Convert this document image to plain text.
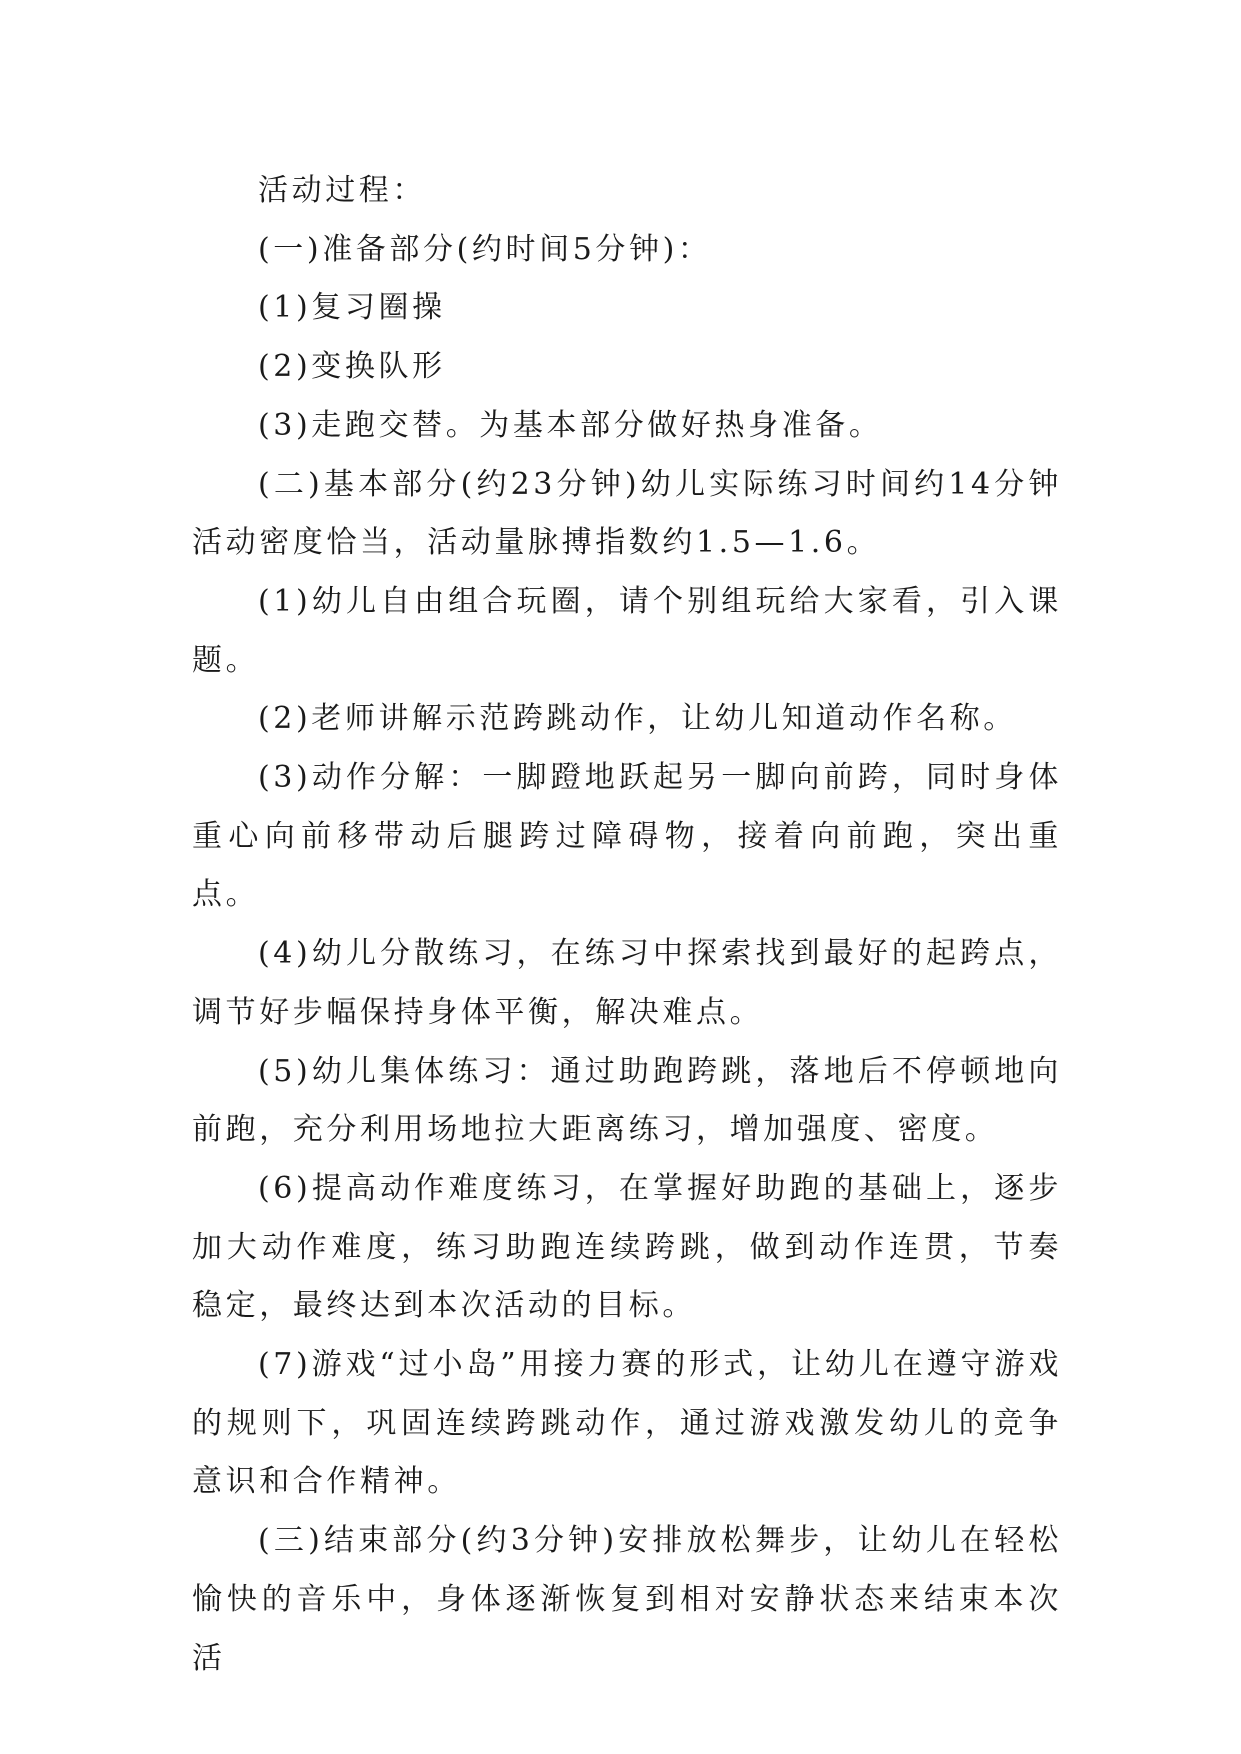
活动过程：

(一)准备部分(约时间5分钟)：

(1)复习圈操

(2)变换队形

(3)走跑交替。为基本部分做好热身准备。

(二)基本部分(约23分钟)幼儿实际练习时间约14分钟活动密度恰当，活动量脉搏指数约1.5—1.6。

(1)幼儿自由组合玩圈，请个别组玩给大家看，引入课题。

(2)老师讲解示范跨跳动作，让幼儿知道动作名称。

(3)动作分解：一脚蹬地跃起另一脚向前跨，同时身体重心向前移带动后腿跨过障碍物，接着向前跑，突出重点。

(4)幼儿分散练习，在练习中探索找到最好的起跨点，调节好步幅保持身体平衡，解决难点。

(5)幼儿集体练习：通过助跑跨跳，落地后不停顿地向前跑，充分利用场地拉大距离练习，增加强度、密度。

(6)提高动作难度练习，在掌握好助跑的基础上，逐步加大动作难度，练习助跑连续跨跳，做到动作连贯，节奏稳定，最终达到本次活动的目标。

(7)游戏“过小岛”用接力赛的形式，让幼儿在遵守游戏的规则下，巩固连续跨跳动作，通过游戏激发幼儿的竞争意识和合作精神。

(三)结束部分(约3分钟)安排放松舞步，让幼儿在轻松愉快的音乐中，身体逐渐恢复到相对安静状态来结束本次活
